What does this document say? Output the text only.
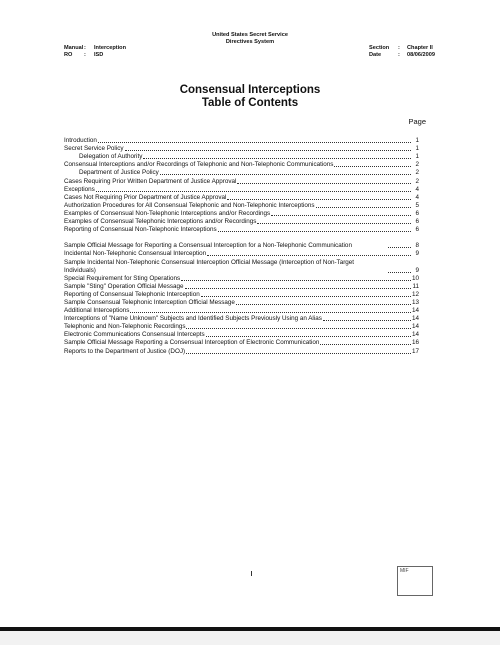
United States Secret Service
Directives System
Manual: Interception
RO : ISD
Section : Chapter II
Date	: 08/06/2009
Consensual Interceptions
Table of Contents
Page
Introduction	1
Secret Service Policy	1
Delegation of Authority	1
Consensual Interceptions and/or Recordings of Telephonic and Non-Telephonic Communications	2
Department of Justice Policy	2
Cases Requiring Prior Written Department of Justice Approval	2
Exceptions	4
Cases Not Requiring Prior Department of Justice Approval	4
Authorization Procedures for All Consensual Telephonic and Non-Telephonic Interceptions	5
Examples of Consensual Non-Telephonic Interceptions and/or Recordings	6
Examples of Consensual Telephonic Interceptions and/or Recordings	6
Reporting of Consensual Non-Telephonic Interceptions	6
Sample Official Message for Reporting a Consensual Interception for a Non-Telephonic Communication	8
Incidental Non-Telephonic Consensual Interception	9
Sample Incidental Non-Telephonic Consensual Interception Official Message (Interception of Non-Target Individuals)	9
Special Requirement for Sting Operations	10
Sample "Sting" Operation Official Message	11
Reporting of Consensual Telephonic Interception	12
Sample Consensual Telephonic Interception Official Message	13
Additional Interceptions	14
Interceptions of "Name Unknown" Subjects and Identified Subjects Previously Using an Alias	14
Telephonic and Non-Telephonic Recordings	14
Electronic Communications Consensual Intercepts	14
Sample Official Message Reporting a Consensual Interception of Electronic Communication	16
Reports to the Department of Justice (DOJ)	17
MIF
